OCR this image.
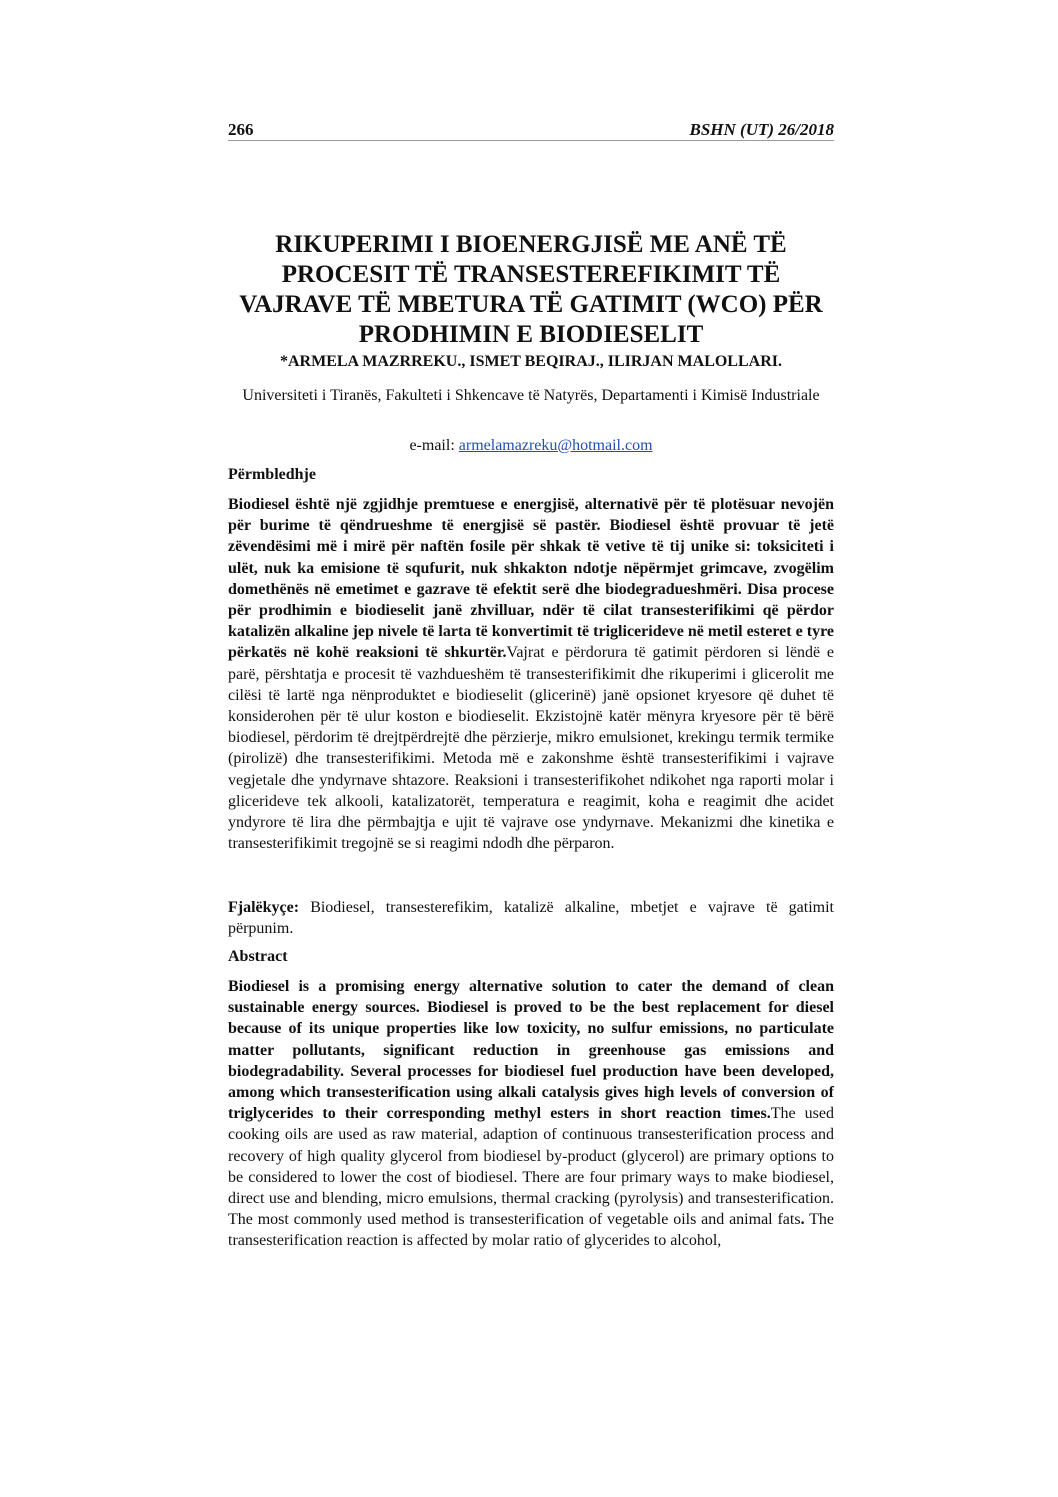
266	BSHN (UT) 26/2018
RIKUPERIMI I BIOENERGJISË ME ANË TË PROCESIT TË TRANSESTEREFIKIMIT TË VAJRAVE TË MBETURA TË GATIMIT (WCO) PËR PRODHIMIN E BIODIESELIT
*ARMELA MAZRREKU., ISMET BEQIRAJ., ILIRJAN MALOLLARI.
Universiteti i Tiranës, Fakulteti i Shkencave të Natyrës, Departamenti i Kimisë Industriale
e-mail: armelamazreku@hotmail.com
Përmbledhje

Biodiesel është një zgjidhje premtuese e energjisë, alternativë për të plotësuar nevojën për burime të qëndrueshme të energjisë së pastër. Biodiesel është provuar të jetë zëvendësimi më i mirë për naftën fosile për shkak të vetive të tij unike si: toksiciteti i ulët, nuk ka emisione të squfurit, nuk shkakton ndotje nëpërmjet grimcave, zvogëlim domethënës në emetimet e gazrave të efektit serë dhe biodegradueshmëri. Disa procese për prodhimin e biodieselit janë zhvilluar, ndër të cilat transesterifikimi që përdor katalizën alkaline jep nivele të larta të konvertimit të triglicerideve në metil esteret e tyre përkatës në kohë reaksioni të shkurtër.Vajrat e përdorura të gatimit përdoren si lëndë e parë, përshtatja e procesit të vazhdueshëm të transesterifikimit dhe rikuperimi i glicerolit me cilësi të lartë nga nënproduktet e biodieselit (glicerinë) janë opsionet kryesore që duhet të konsiderohen për të ulur koston e biodieselit. Ekzistojnë katër mënyra kryesore për të bërë biodiesel, përdorim të drejtpërdrejtë dhe përzierje, mikro emulsionet, krekingu termik termike (pirolizë) dhe transesterifikimi. Metoda më e zakonshme është transesterifikimi i vajrave vegjetale dhe yndyrnave shtazore. Reaksioni i transesterifikohet ndikohet nga raporti molar i glicerideve tek alkooli, katalizatorët, temperatura e reagimit, koha e reagimit dhe acidet yndyrore të lira dhe përmbajtja e ujit të vajrave ose yndyrnave. Mekanizmi dhe kinetika e transesterifikimit tregojnë se si reagimi ndodh dhe përparon.

Fjalëkyçe: Biodiesel, transesterefikim, katalizë alkaline, mbetjet e vajrave të gatimit përpunim.

Abstract

Biodiesel is a promising energy alternative solution to cater the demand of clean sustainable energy sources. Biodiesel is proved to be the best replacement for diesel because of its unique properties like low toxicity, no sulfur emissions, no particulate matter pollutants, significant reduction in greenhouse gas emissions and biodegradability. Several processes for biodiesel fuel production have been developed, among which transesterification using alkali catalysis gives high levels of conversion of triglycerides to their corresponding methyl esters in short reaction times.The used cooking oils are used as raw material, adaption of continuous transesterification process and recovery of high quality glycerol from biodiesel by-product (glycerol) are primary options to be considered to lower the cost of biodiesel. There are four primary ways to make biodiesel, direct use and blending, micro emulsions, thermal cracking (pyrolysis) and transesterification. The most commonly used method is transesterification of vegetable oils and animal fats. The transesterification reaction is affected by molar ratio of glycerides to alcohol,
